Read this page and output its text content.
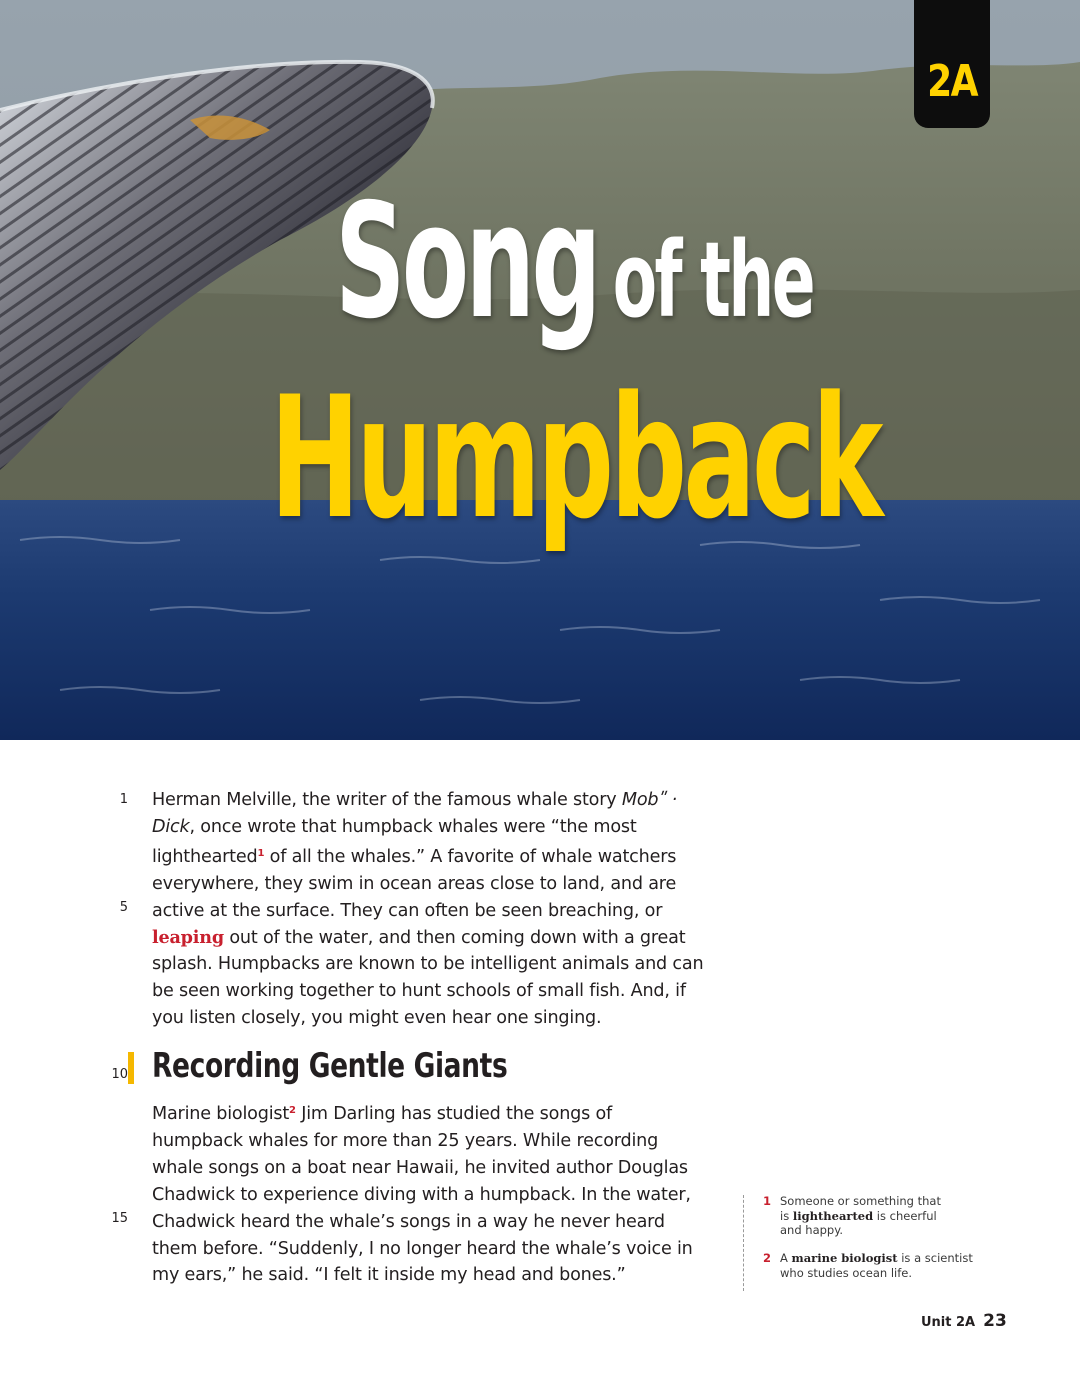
2A
Song of the
Humpback
1
5

Herman Melville, the writer of the famous whale story Mobʺ ·

Dick, once wrote that humpback whales were “the most

lighthearted$^1$ of all the whales.” A favorite of whale watchers

everywhere, they swim in ocean areas close to land, and are

active at the surface. They can often be seen breaching, or

leaping out of the water, and then coming down with a great

splash. Humpbacks are known to be intelligent animals and can

be seen working together to hunt schools of small fish. And, if

you listen closely, you might even hear one singing.

10 Recording Gentle Giants
15

Marine biologist$^2$ Jim Darling has studied the songs of

humpback whales for more than 25 years. While recording

whale songs on a boat near Hawaii, he invited author Douglas

Chadwick to experience diving with a humpback. In the water,

Chadwick heard the whale’s songs in a way he never heard

them before. “Suddenly, I no longer heard the whale’s voice in

my ears,” he said. “I felt it inside my head and bones.”

1 Someone or something that
is lighthearted is cheerful
and happy.
2 A marine biologist is a scientist
who studies ocean life.
Unit 2A 23
